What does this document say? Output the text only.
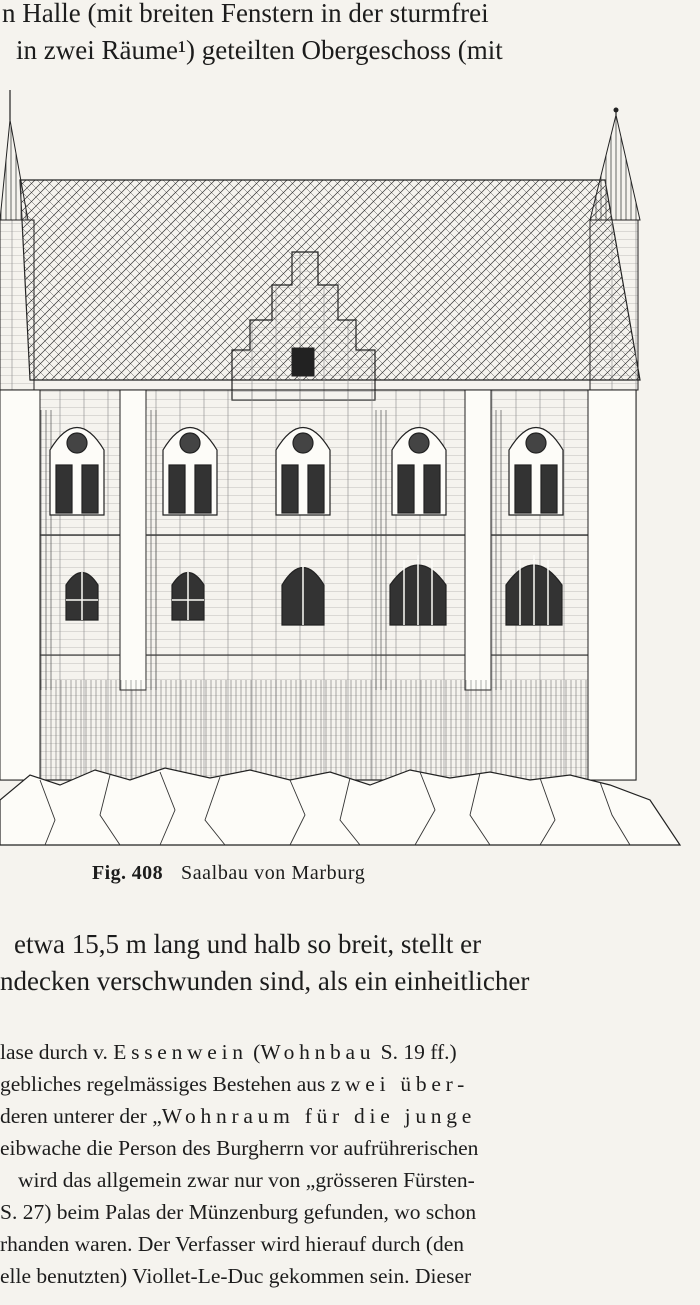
n Halle (mit breiten Fenstern in der sturmfrei
in zwei Räume¹) geteilten Obergeschoss (mit
Fig. 408 Saalbau von Marburg
etwa 15,5 m lang und halb so breit, stellt er
ndecken verschwunden sind, als ein einheitlicher
lase durch v. Essenwein (Wohnbau S. 19 ff.)
gebliches regelmässiges Bestehen aus zwei über-
deren unterer der „Wohnraum für die junge
eibwache die Person des Burgherrn vor aufrührerischen
wird das allgemein zwar nur von „grösseren Fürsten-
S. 27) beim Palas der Münzenburg gefunden, wo schon
rhanden waren. Der Verfasser wird hierauf durch (den
elle benutzten) Viollet-Le-Duc gekommen sein. Dieser
